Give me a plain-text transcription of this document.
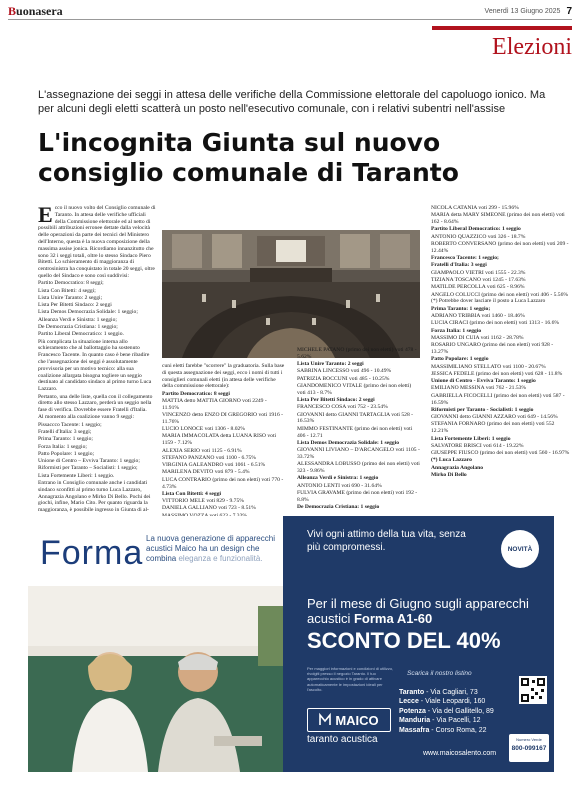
Buonasera	Venerdì 13 Giugno 2025 7
Elezioni
L'assegnazione dei seggi in attesa delle verifiche della Commissione elettorale del capoluogo ionico. Ma per alcuni degli eletti scatterà un posto nell'esecutivo comunale, con i relativi subentri nell'assise
L'incognita Giunta sul nuovo consiglio comunale di Taranto

Ecco il nuovo volto del Consiglio comunale di Taranto. In attesa delle verifiche ufficiali della Commissione elettorale ed al netto di possibili attribuzioni erronee dettate dalla velocità delle operazioni da parte dei tecnici del Ministero dell'Interno, questa è la nuova composizione della massima assise jonica. Ricordiamo innanzitutto che sono 32 i seggi totali, oltre lo stesso Sindaco Piero Bitetti. Lo schieramento di maggioranza di centrosinistra ha conquistato in totale 20 seggi, oltre quello del Sindaco e sono così suddivisi:

Partito Democratico: 8 seggi;

Lista Con Bitetti: 4 seggi;

Lista Unire Taranto: 2 seggi;

Lista Per Bitetti Sindaco: 2 seggi

Lista Demos Democrazia Solidale: 1 seggio;

Alleanza Verdi e Sinistra: 1 seggio;

De Democrazia Cristiana: 1 seggio;

Partito Liberal Democratico: 1 seggio.

Più complicata la situazione interna allo schieramento che al ballottaggio ha sostenuto Francesco Tacente. In quanto caso è bene ribadire che l'assegnazione dei seggi è assolutamente provvisoria per un motivo tecnico: alla sua coalizione allargata bisogna togliere un seggio destinato al candidato sindaco al primo turno Luca Lazzaro.

Pertanto, una delle liste, quella con il collegamento diretto allo stesso Lazzaro, perderà un seggio nella fase di verifica. Dovrebbe essere Fratelli d'Italia.

Al momento alla coalizione vanno 9 seggi:

Pissaccco Tacente: 1 seggio;

Fratelli d'Italia: 3 seggi;

Prima Taranto: 1 seggio;

Forza Italia: 1 seggio;

Patto Popolare: 1 seggio;

Unione di Centro – Evviva Taranto: 1 seggio;

Riformisti per Taranto – Socialisti: 1 seggio;

Lista Fortemente Liberi: 1 seggio.

Entrano in Consiglio comunale anche i candidati sindaco sconfitti al primo turno Luca Lazzaro, Annagrazia Angolano e Mirko Di Bello. Pochi dei giochi, infine, Mario Cito. Per quanto riguarda la maggioranza, è possibile ingresso in Giunta di al-

cuni eletti farebbe "scorrere" la graduatoria. Sulla base di questa assegnazione dei seggi, ecco i nomi di tutti i consiglieri comunali eletti (in attesa delle verifiche della commissione elettorale):

Partito Democratico: 8 seggi

MATTIA detto MATTIA GIORNO voti 2249 - 11.91%

VINCENZO detto ENZO DI GREGORIO voti 1916 - 11.76%

LUCIO LONOCE voti 1306 - 8.02%

MARIA IMMACOLATA detta LUANA RISO voti 1159 - 7.12%

ALEXIA SERIO voti 1125 - 6.91%

STEFANO PANZANO voti 1100 - 6.75%

VIRGINIA GALEANDRO voti 1061 - 6.51%

MARILENA DEVITO voti 879 - 5.4%

LUCA CONTRARIO (primo dei non eletti) voti 770 - 4.73%

Lista Con Bitetti: 4 seggi

VITTORIO MELE voti 829 - 9.75%

DANIELA GALLIANO voti 723 - 8.51%

MICHELE PATANO (primo dei non eletti) voti 478 - 5.62%

Lista Unire Taranto: 2 seggi

SABRINA LINCESSO voti 496 - 10.49%

PATRIZIA BOCCUNI voti 485 - 10.25%

GIANDOMENICO VITALE (primo dei non eletti) voti 413 - 8.7%

Lista Per Bitetti Sindaco: 2 seggi

FRANCESCO COSA voti 752 - 23.54%

GIOVANNI detto GIANNI TARTAGLIA voti 528 - 16.53%

MIMMO FESTINANTE (primo dei non eletti) voti 406 - 12.71

Lista Demos Democrazia Solidale: 1 seggio

GIOVANNI LIVIANO – D'ARCANGELO voti 1105 - 33.72%

ALESSANDRA LOBUSSO (primo dei non eletti) voti 323 - 9.86%

Alleanza Verdi e Sinistra: 1 seggio

ANTONIO LENTI voti 690 - 31.64%

FULVIA GRAVAME (primo dei non eletti) voti 192 - 8.8%

De Democrazia Cristiana: 1 seggio

NICOLA CATANIA voti 299 - 15.96%

MARIA detta MARY SIMEONE (primo dei non eletti) voti 162 - 8.64%

Partito Liberal Democratico: 1 seggio

ANTONIO QUAZZICO voti 326 - 18.7%

ROBERTO CONVERSANO (primo dei non eletti) voti 209 - 12.44%

Francesco Tacente: 1 seggio;

Fratelli d'Italia: 3 seggi

GIAMPAOLO VIETRI voti 1555 - 22.3%

TIZIANA TOSCANO voti 1245 - 17.63%

MATILDE PERCOLLA voti 625 - 8.96%

ANGELO COLUCCI (primo dei non eletti) voti 406 - 5.56% (*) Potrebbe dover lasciare il posto a Luca Lazzaro

Prima Taranto: 1 seggio;

ADRIANO TRIBBIA voti 1460 - 18.46%

LUCIA CIRACI (primo dei non eletti) voti 1313 - 16.6%

Forza Italia: 1 seggio

MASSIMO DI CUIA voti 1162 - 28.78%

ROSARIO UNGARO (primo dei non eletti) voti 928 - 13.27%

Patto Popolare: 1 seggio

MASSIMILIANO STELLATO voti 1100 - 20.67%

JESSICA FEDELE (primo dei non eletti) voti 628 - 11.8%

Unione di Centro - Evviva Taranto: 1 seggio

EMILIANO MESSINA voti 762 - 21.53%

GABRIELLA FICOCELLI (primo dei non eletti) voti 587 - 16.59%

Riformisti per Taranto - Socialisti: 1 seggio

GIOVANNI detto GIANNI AZZARO voti 649 - 14.56%

STEFANIA FORNARO (primo dei non eletti) voti 552 12.21%

Lista Fortemente Liberi: 1 seggio

SALVATORE BRISCI voti 614 - 19.22%

GIUSEPPE FIUSCO (primo dei non eletti) voti 560 - 16.97%

(*) Luca Lazzaro

Annagrazia Angolano

Mirko Di Bello

Forma La nuova generazione di apparecchi acustici Maico ha un design che combina eleganza e funzionalità.
Vivi ogni attimo della tua vita, senza più compromessi.	NOVITÀ
Per il mese di Giugno sugli apparecchi acustici Forma A1-60
SCONTO DEL 40%
Per maggiori informazioni e condizioni di utilizzo, rivolgiti presso il negozio Taranto. Il tuo apparecchio acustico è in grado di attivare automaticamente le impostazioni ideali per l'ascolto.
Scarica il nostro listino
Taranto - Via Cagliari, 73
Lecce - Viale Leopardi, 160
Potenza - Via del Gallitello, 89
Manduria - Via Pacelli, 12
Massafra - Corso Roma, 22
MAICO
taranto acustica
www.maicosalento.com
Numero Verde
800-099167
